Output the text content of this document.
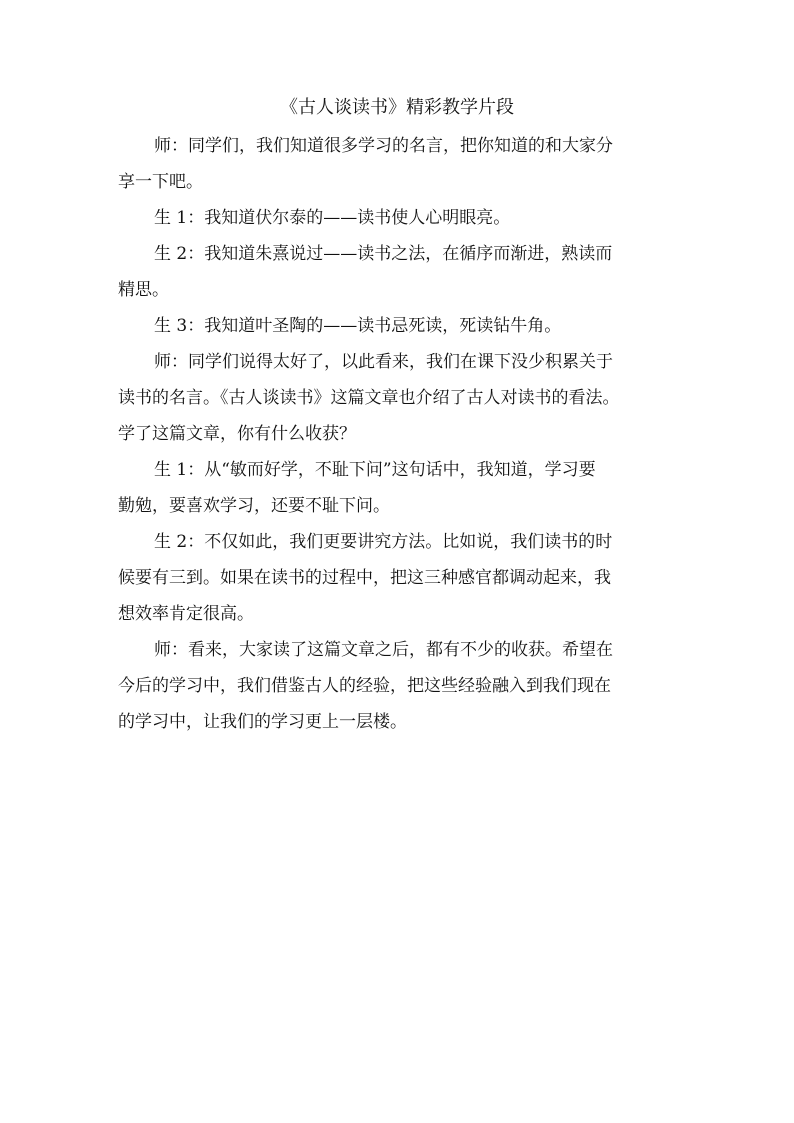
《古人谈读书》精彩教学片段
师：同学们，我们知道很多学习的名言，把你知道的和大家分
享一下吧。
生 1：我知道伏尔泰的——读书使人心明眼亮。
生 2：我知道朱熹说过——读书之法，在循序而渐进，熟读而
精思。
生 3：我知道叶圣陶的——读书忌死读，死读钻牛角。
师：同学们说得太好了，以此看来，我们在课下没少积累关于
读书的名言。《古人谈读书》这篇文章也介绍了古人对读书的看法。
学了这篇文章，你有什么收获？
生 1：从“敏而好学，不耻下问”这句话中，我知道，学习要
勤勉，要喜欢学习，还要不耻下问。
生 2：不仅如此，我们更要讲究方法。比如说，我们读书的时
候要有三到。如果在读书的过程中，把这三种感官都调动起来，我
想效率肯定很高。
师：看来，大家读了这篇文章之后，都有不少的收获。希望在
今后的学习中，我们借鉴古人的经验，把这些经验融入到我们现在
的学习中，让我们的学习更上一层楼。
